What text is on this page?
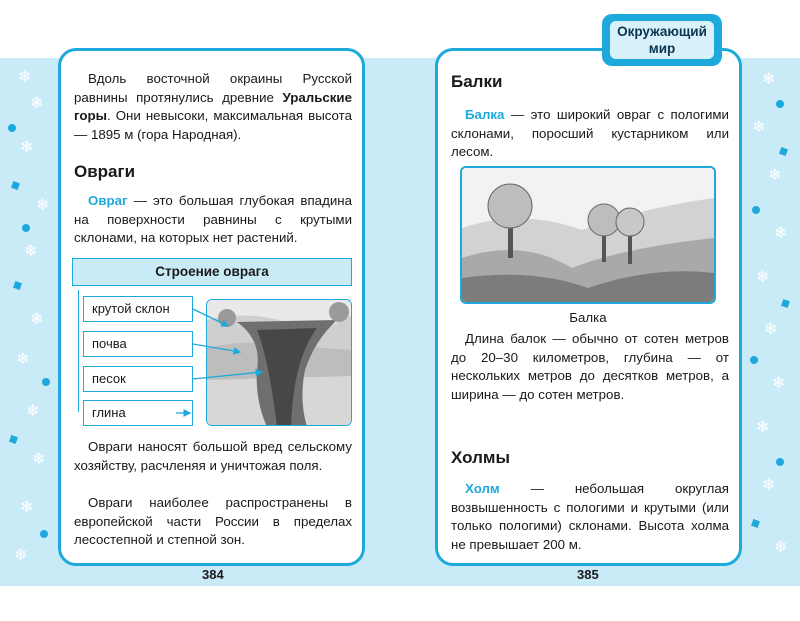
❄
❄
❄
❄
❄
❄
❄
❄
❄
❄
❄
❄
❄
❄
❄
❄
❄
❄
❄
❄
❄
Окружающий
мир
Вдоль восточной окраины Русской равнины протянулись древние Уральские горы. Они невысоки, максимальная высота — 1895 м (гора Народная).
Овраги
Овраг — это большая глубокая впадина на поверхности равнины с крутыми склонами, на которых нет растений.
Строение оврага
крутой склон
почва
песок
глина
Овраги наносят большой вред сельскому хозяйству, расчленяя и уничтожая поля.
Овраги наиболее распространены в европейской части России в пределах лесостепной и степной зон.
384
Балки
Балка — это широкий овраг с пологими склонами, поросший кустарником или лесом.
Балка
Длина балок — обычно от сотен метров до 20–30 километров, глубина — от нескольких метров до десятков метров, а ширина — до сотен метров.
Холмы
Холм — небольшая округлая возвышенность с пологими и крутыми (или только пологими) склонами. Высота холма не превышает 200 м.
385
